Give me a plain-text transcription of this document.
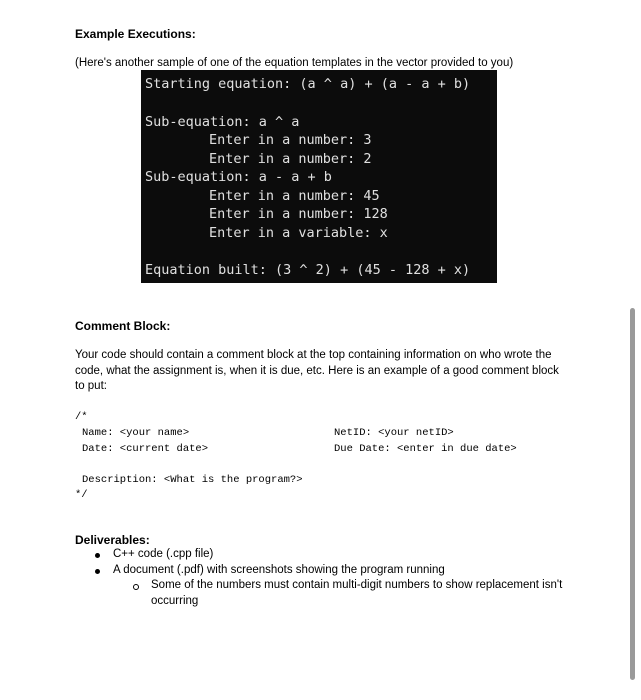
Example Executions:
(Here's another sample of one of the equation templates in the vector provided to you)
Starting equation: (a ^ a) + (a - a + b)
Sub-equation: a ^ a
Enter in a number: 3
Enter in a number: 2
Sub-equation: a - a + b
Enter in a number: 45
Enter in a number: 128
Enter in a variable: x
Equation built: (3 ^ 2) + (45 - 128 + x)
Comment Block:
Your code should contain a comment block at the top containing information on who wrote the code, what the assignment is, when it is due, etc. Here is an example of a good comment block to put:
/*
Name: <your name>	NetID: <your netID>
Date: <current date>	Due Date: <enter in due date>
Description: <What is the program?>
*/
Deliverables:
C++ code (.cpp file)
A document (.pdf) with screenshots showing the program running
Some of the numbers must contain multi-digit numbers to show replacement isn't
occurring
